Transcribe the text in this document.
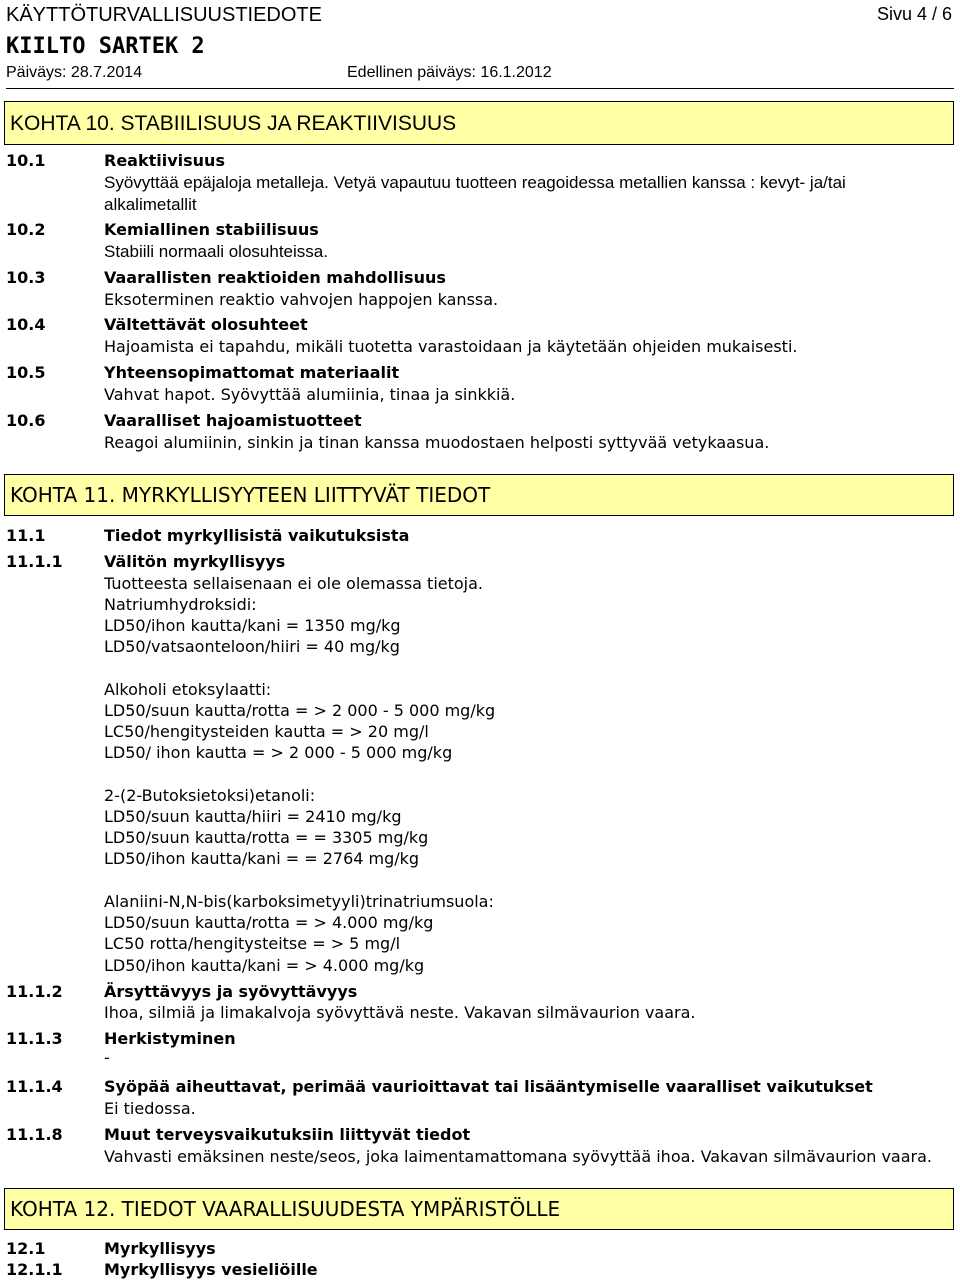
KÄYTTÖTURVALLISUUSTIEDOTE	Sivu 4 / 6
KIILTO SARTEK 2
Päiväys: 28.7.2014	Edellinen päiväys: 16.1.2012
KOHTA 10. STABIILISUUS JA REAKTIIVISUUS
10.1	Reaktiivisuus
Syövyttää epäjaloja metalleja. Vetyä vapautuu tuotteen reagoidessa metallien kanssa : kevyt- ja/tai
alkalimetallit
10.2	Kemiallinen stabiilisuus
Stabiili normaali olosuhteissa.
10.3	Vaarallisten reaktioiden mahdollisuus
Eksoterminen reaktio vahvojen happojen kanssa.
10.4	Vältettävät olosuhteet
Hajoamista ei tapahdu, mikäli tuotetta varastoidaan ja käytetään ohjeiden mukaisesti.
10.5	Yhteensopimattomat materiaalit
Vahvat hapot. Syövyttää alumiinia, tinaa ja sinkkiä.
10.6	Vaaralliset hajoamistuotteet
Reagoi alumiinin, sinkin ja tinan kanssa muodostaen helposti syttyvää vetykaasua.
KOHTA 11. MYRKYLLISYYTEEN LIITTYVÄT TIEDOT
11.1	Tiedot myrkyllisistä vaikutuksista
11.1.1	Välitön myrkyllisyys
Tuotteesta sellaisenaan ei ole olemassa tietoja.
Natriumhydroksidi:
LD50/ihon kautta/kani = 1350 mg/kg
LD50/vatsaonteloon/hiiri = 40 mg/kg
Alkoholi etoksylaatti:
LD50/suun kautta/rotta = > 2 000 - 5 000 mg/kg
LC50/hengitysteiden kautta = > 20 mg/l
LD50/ ihon kautta = > 2 000 - 5 000 mg/kg
2-(2-Butoksietoksi)etanoli:
LD50/suun kautta/hiiri = 2410 mg/kg
LD50/suun kautta/rotta = = 3305 mg/kg
LD50/ihon kautta/kani = = 2764 mg/kg
Alaniini-N,N-bis(karboksimetyyli)trinatriumsuola:
LD50/suun kautta/rotta = > 4.000 mg/kg
LC50 rotta/hengitysteitse = > 5 mg/l
LD50/ihon kautta/kani = > 4.000 mg/kg
11.1.2	Ärsyttävyys ja syövyttävyys
Ihoa, silmiä ja limakalvoja syövyttävä neste. Vakavan silmävaurion vaara.
11.1.3	Herkistyminen
-
11.1.4	Syöpää aiheuttavat, perimää vaurioittavat tai lisääntymiselle vaaralliset vaikutukset
Ei tiedossa.
11.1.8	Muut terveysvaikutuksiin liittyvät tiedot
Vahvasti emäksinen neste/seos, joka laimentamattomana syövyttää ihoa. Vakavan silmävaurion vaara.
KOHTA 12. TIEDOT VAARALLISUUDESTA YMPÄRISTÖLLE
12.1	Myrkyllisyys
12.1.1	Myrkyllisyys vesieliöille
